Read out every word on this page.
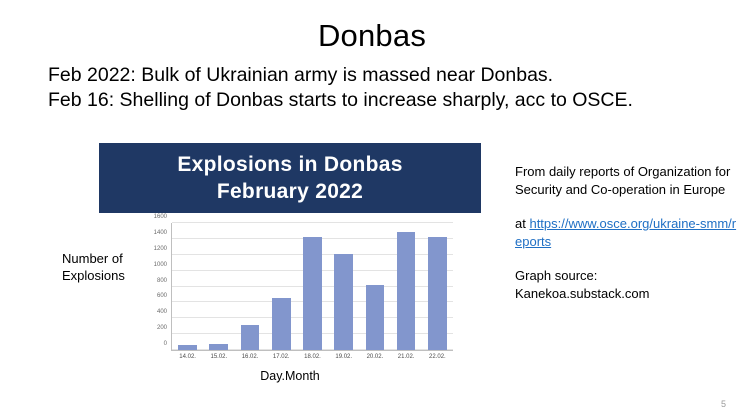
Donbas
Feb 2022: Bulk of Ukrainian army is massed near Donbas.
Feb 16: Shelling of Donbas starts to increase sharply, acc to OSCE.
Explosions in Donbas
February 2022
0
200
400
600
800
1000
1200
1400
1600
14.02. 15.02. 16.02. 17.02. 18.02. 19.02. 20.02. 21.02. 22.02.
Day.Month
Number of Explosions
From daily reports of Organization for Security and Co-operation in Europe
at https://www.osce.org/ukraine-smm/reports
Graph source:
Kanekoa.substack.com
5
